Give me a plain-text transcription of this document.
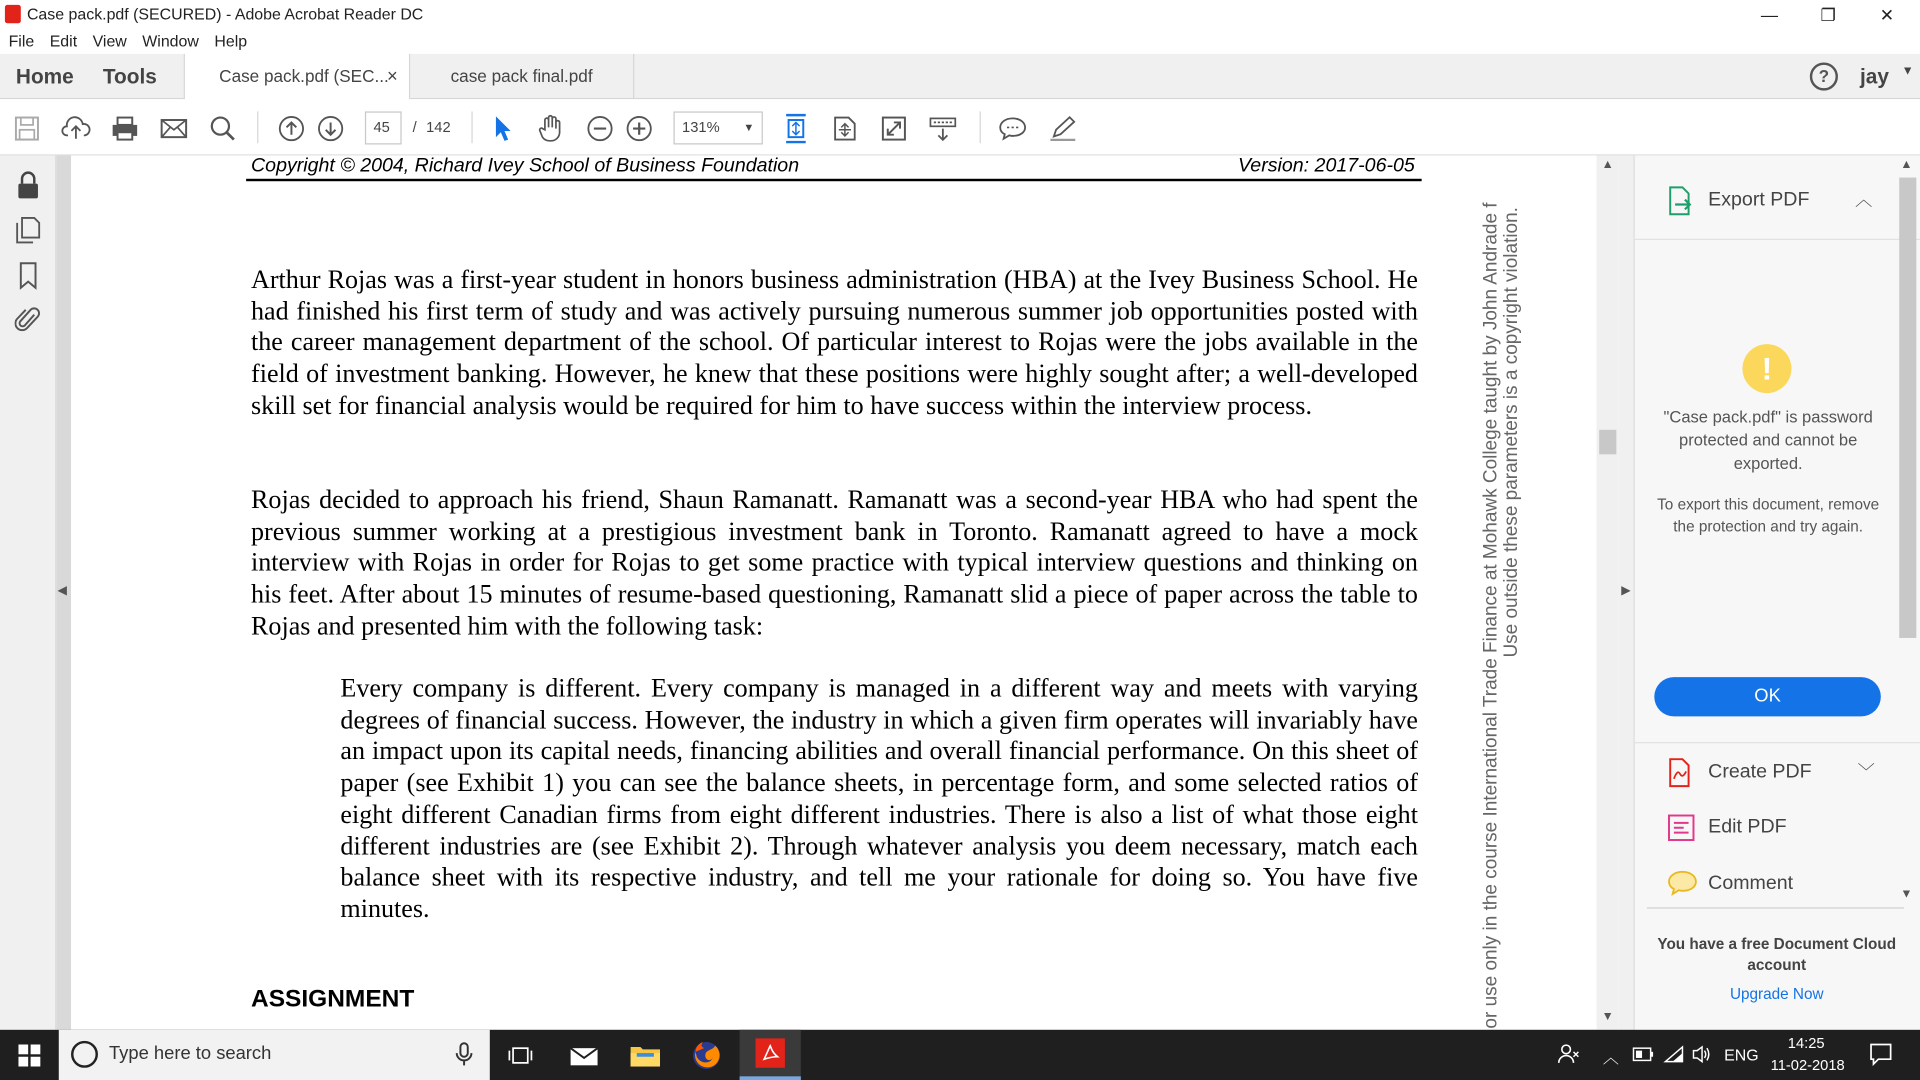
Case pack.pdf (SECURED) - Adobe Acrobat Reader DC	—	❐	✕
File Edit View Window Help
Home Tools	Case pack.pdf (SEC...
×	case pack final.pdf	?	jay ▼
45	/ 142	131%	▼
Copyright © 2004, Richard Ivey School of Business Foundation	Version: 2017-06-05
Arthur Rojas was a first-year student in honors business administration (HBA) at the Ivey Business School. He had finished his first term of study and was actively pursuing numerous summer job opportunities posted with the career management department of the school. Of particular interest to Rojas were the jobs available in the field of investment banking. However, he knew that these positions were highly sought after; a well-developed skill set for financial analysis would be required for him to have success within the interview process.
Rojas decided to approach his friend, Shaun Ramanatt. Ramanatt was a second-year HBA who had spent the previous summer working at a prestigious investment bank in Toronto. Ramanatt agreed to have a mock interview with Rojas in order for Rojas to get some practice with typical interview questions and thinking on his feet. After about 15 minutes of resume-based questioning, Ramanatt slid a piece of paper across the table to Rojas and presented him with the following task:
Every company is different. Every company is managed in a different way and meets with varying degrees of financial success. However, the industry in which a given firm operates will invariably have an impact upon its capital needs, financing abilities and overall financial performance. On this sheet of paper (see Exhibit 1) you can see the balance sheets, in percentage form, and some selected ratios of eight different Canadian firms from eight different industries. There is also a list of what those eight different industries are (see Exhibit 2). Through whatever analysis you deem necessary, match each balance sheet with its respective industry, and tell me your rationale for doing so. You have five minutes.
ASSIGNMENT	or use only in the course International Trade Finance at Mohawk College taught by John Andrade f Use outside these parameters is a copyright violation.
◀
▲
▼
▶
Export PDF	︿
!
"Case pack.pdf" is password protected and cannot be exported.
To export this document, remove the protection and try again.
OK
Create PDF	﹀
Edit PDF
Comment
▲
▼
You have a free Document Cloud account
Upgrade Now
Type here to search	︿	ENG
14:25
11-02-2018
